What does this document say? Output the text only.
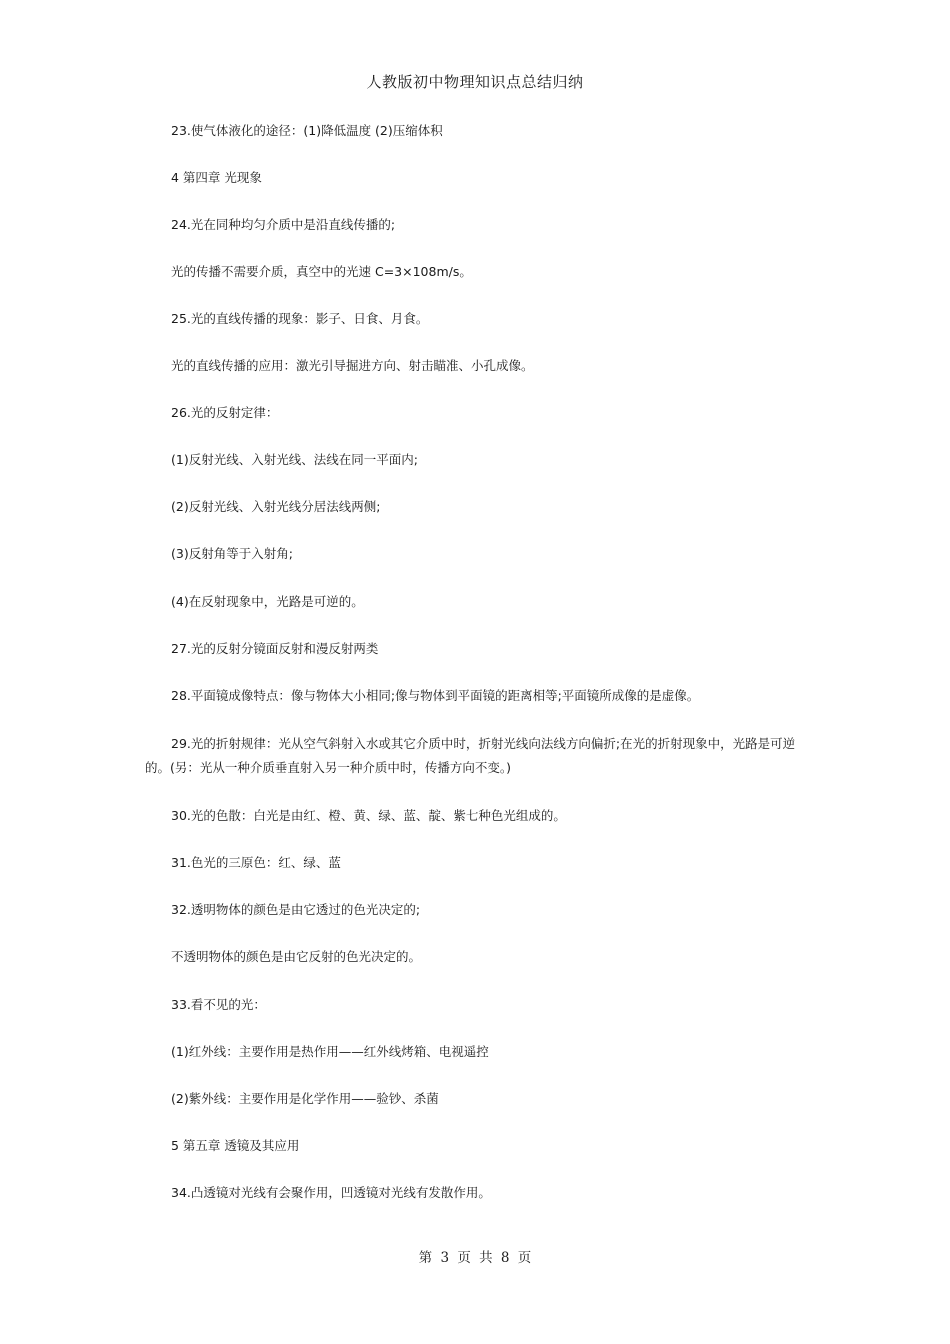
人教版初中物理知识点总结归纳
23.使气体液化的途径：(1)降低温度 (2)压缩体积
4 第四章 光现象
24.光在同种均匀介质中是沿直线传播的;
光的传播不需要介质，真空中的光速 C=3×108m/s。
25.光的直线传播的现象：影子、日食、月食。
光的直线传播的应用：激光引导掘进方向、射击瞄准、小孔成像。
26.光的反射定律：
(1)反射光线、入射光线、法线在同一平面内;
(2)反射光线、入射光线分居法线两侧;
(3)反射角等于入射角;
(4)在反射现象中，光路是可逆的。
27.光的反射分镜面反射和漫反射两类
28.平面镜成像特点：像与物体大小相同;像与物体到平面镜的距离相等;平面镜所成像的是虚像。
29.光的折射规律：光从空气斜射入水或其它介质中时，折射光线向法线方向偏折;在光的折射现象中，光路是可逆的。(另：光从一种介质垂直射入另一种介质中时，传播方向不变。)
30.光的色散：白光是由红、橙、黄、绿、蓝、靛、紫七种色光组成的。
31.色光的三原色：红、绿、蓝
32.透明物体的颜色是由它透过的色光决定的;
不透明物体的颜色是由它反射的色光决定的。
33.看不见的光：
(1)红外线：主要作用是热作用——红外线烤箱、电视遥控
(2)紫外线：主要作用是化学作用——验钞、杀菌
5 第五章 透镜及其应用
34.凸透镜对光线有会聚作用，凹透镜对光线有发散作用。
第 3 页 共 8 页
